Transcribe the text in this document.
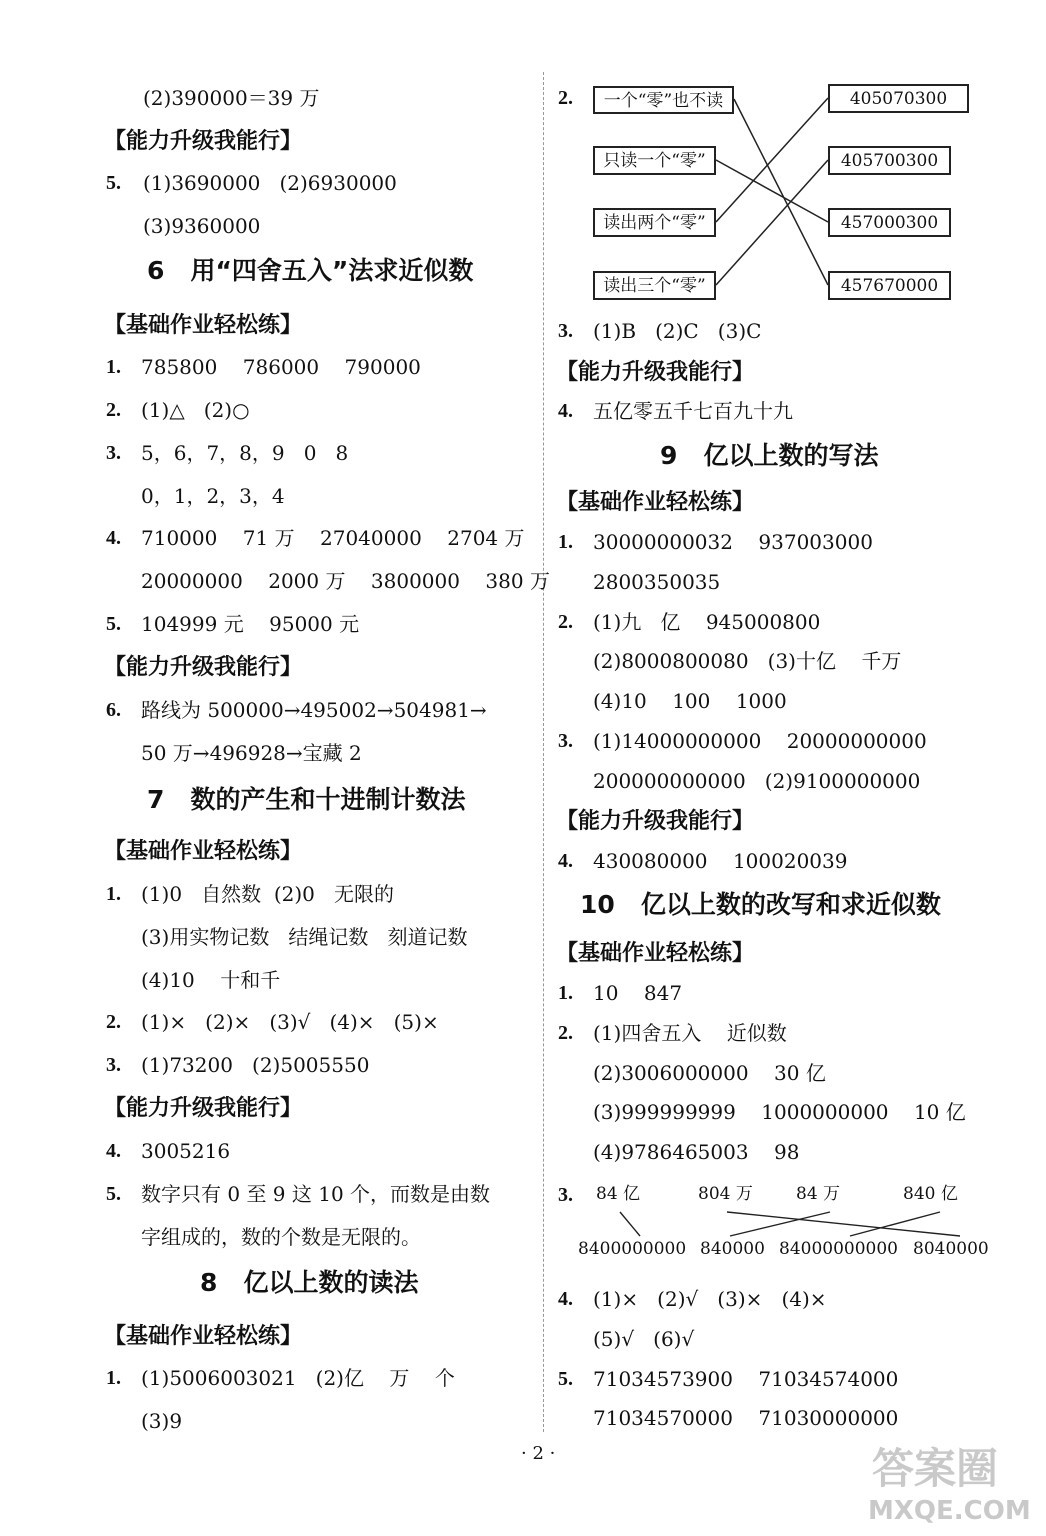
(2)390000＝39 万
【能力升级我能行】
5. (1)3690000   (2)6930000
(3)9360000
6   用“四舍五入”法求近似数
【基础作业轻松练】
1. 785800    786000    790000
2. (1)△   (2)○
3. 5，6，7，8，9   0   8
0，1，2，3，4
4. 710000    71 万    27040000    2704 万
20000000    2000 万    3800000    380 万
5. 104999 元    95000 元
【能力升级我能行】
6. 路线为 500000→495002→504981→
50 万→496928→宝藏 2
7   数的产生和十进制计数法
【基础作业轻松练】
1. (1)0   自然数  (2)0   无限的
(3)用实物记数   结绳记数   刻道记数
(4)10    十和千
2. (1)×   (2)×   (3)√   (4)×   (5)×
3. (1)73200   (2)5005550
【能力升级我能行】
4. 3005216
5. 数字只有 0 至 9 这 10 个，而数是由数
字组成的，数的个数是无限的。
8   亿以上数的读法
【基础作业轻松练】
1. (1)5006003021   (2)亿    万    个
(3)9
2.	一个“零”也不读
只读一个“零”
读出两个“零”
读出三个“零”
405070300
405700300
457000300
457670000
3. (1)B   (2)C   (3)C
【能力升级我能行】
4. 五亿零五千七百九十九
9   亿以上数的写法
【基础作业轻松练】
1. 30000000032    937003000
2800350035
2. (1)九   亿    945000800
(2)8000800080   (3)十亿    千万
(4)10    100    1000
3. (1)14000000000    20000000000
200000000000   (2)9100000000
【能力升级我能行】
4. 430080000    100020039
10   亿以上数的改写和求近似数
【基础作业轻松练】
1. 10    847
2. (1)四舍五入    近似数
(2)3006000000    30 亿
(3)999999999    1000000000    10 亿
(4)9786465003    98
3. 84 亿	804 万	84 万	840 亿
8400000000 840000 84000000000 8040000
4. (1)×   (2)√   (3)×   (4)×
(5)√   (6)√
5. 71034573900    71034574000
71034570000    71030000000
· 2 ·	答案圈
MXQE.COM
